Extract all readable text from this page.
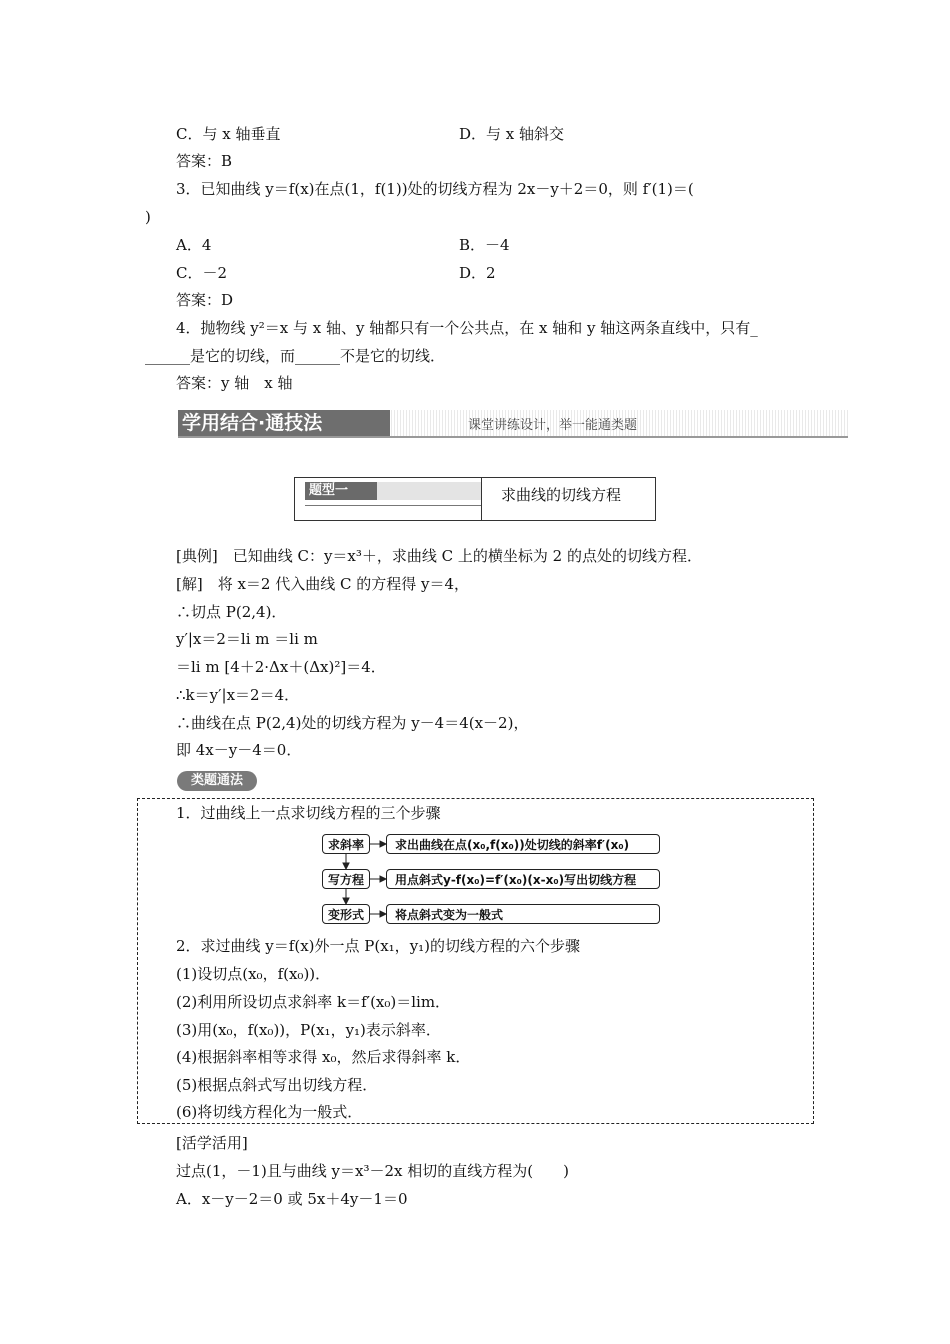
C．与 x 轴垂直	D．与 x 轴斜交
答案：B
3．已知曲线 y＝f(x)在点(1，f(1))处的切线方程为 2x－y＋2＝0，则 f′(1)＝(
)
A．4	B．－4
C．－2	D．2
答案：D
4．抛物线 y²＝x 与 x 轴、y 轴都只有一个公共点，在 x 轴和 y 轴这两条直线中，只有_
______是它的切线，而______不是它的切线．
答案：y 轴　x 轴
学用结合·通技法	课堂讲练设计，举一能通类题
题型一	求曲线的切线方程
[典例]　已知曲线 C：y＝x³＋，求曲线 C 上的横坐标为 2 的点处的切线方程．
[解]　将 x＝2 代入曲线 C 的方程得 y＝4，
∴切点 P(2,4)．
y′|x＝2＝li m ＝li m
＝li m [4＋2·Δx＋(Δx)²]＝4．
∴k＝y′|x＝2＝4．
∴曲线在点 P(2,4)处的切线方程为 y－4＝4(x－2)，
即 4x－y－4＝0．
类题通法
1．过曲线上一点求切线方程的三个步骤
求斜率	求出曲线在点(x₀,f(x₀))处切线的斜率f′(x₀)
写方程	用点斜式y-f(x₀)=f′(x₀)(x-x₀)写出切线方程
变形式	将点斜式变为一般式
2．求过曲线 y＝f(x)外一点 P(x₁，y₁)的切线方程的六个步骤
(1)设切点(x₀，f(x₀))．
(2)利用所设切点求斜率 k＝f′(x₀)＝lim．
(3)用(x₀，f(x₀))，P(x₁，y₁)表示斜率．
(4)根据斜率相等求得 x₀，然后求得斜率 k．
(5)根据点斜式写出切线方程．
(6)将切线方程化为一般式．
[活学活用]
过点(1，－1)且与曲线 y＝x³－2x 相切的直线方程为(　　)
A．x－y－2＝0 或 5x＋4y－1＝0
